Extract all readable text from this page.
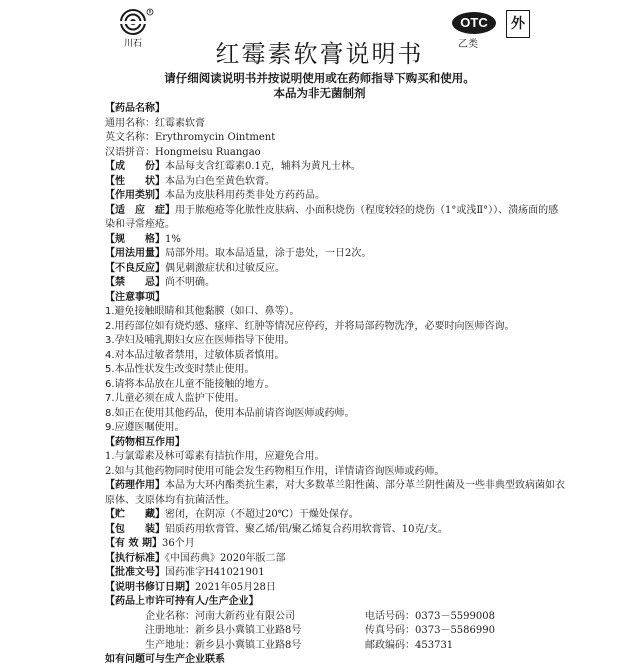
R
川石
OTC
乙类
外
红霉素软膏说明书
请仔细阅读说明书并按说明使用或在药师指导下购买和使用。
本品为非无菌制剂
【药品名称】
通用名称：红霉素软膏
英文名称：Erythromycin Ointment
汉语拼音：Hongmeisu Ruangao
【成　　份】本品每支含红霉素0.1克，辅料为黄凡士林。
【性　　状】本品为白色至黄色软膏。
【作用类别】本品为皮肤科用药类非处方药药品。
【适　应　症】用于脓疱疮等化脓性皮肤病、小面积烧伤（程度较轻的烧伤（1°或浅Ⅱ°））、溃疡面的感染和寻常痤疮。
【规　　格】1%
【用法用量】局部外用。取本品适量，涂于患处，一日2次。
【不良反应】偶见刺激症状和过敏反应。
【禁　　忌】尚不明确。
【注意事项】
1.避免接触眼睛和其他黏膜（如口、鼻等）。
2.用药部位如有烧灼感、瘙痒、红肿等情况应停药，并将局部药物洗净，必要时向医师咨询。
3.孕妇及哺乳期妇女应在医师指导下使用。
4.对本品过敏者禁用，过敏体质者慎用。
5.本品性状发生改变时禁止使用。
6.请将本品放在儿童不能接触的地方。
7.儿童必须在成人监护下使用。
8.如正在使用其他药品，使用本品前请咨询医师或药师。
9.应遵医嘱使用。
【药物相互作用】
1.与氯霉素及林可霉素有拮抗作用，应避免合用。
2.如与其他药物同时使用可能会发生药物相互作用，详情请咨询医师或药师。
【药理作用】本品为大环内酯类抗生素，对大多数革兰阳性菌、部分革兰阴性菌及一些非典型致病菌如衣原体、支原体均有抗菌活性。
【贮　　藏】密闭，在阴凉（不超过20℃）干燥处保存。
【包　　装】铝质药用软膏管、聚乙烯/铝/聚乙烯复合药用软膏管、10克/支。
【有 效 期】36个月
【执行标准】《中国药典》2020年版二部
【批准文号】国药准字H41021901
【说明书修订日期】2021年05月28日
【药品上市许可持有人/生产企业】
企业名称：河南大新药业有限公司	电话号码：0373－5599008
注册地址：新乡县小冀镇工业路8号	传真号码：0373－5586990
生产地址：新乡县小冀镇工业路8号	邮政编码：453731
如有问题可与生产企业联系
